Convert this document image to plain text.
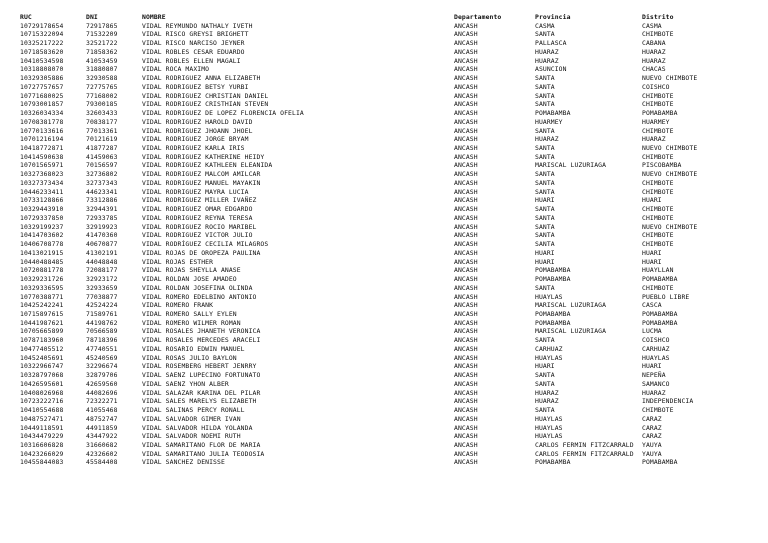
RUC	DNI	NOMBRE	Departamento	Provincia	Distrito
10729178654	72917865	VIDAL REYMUNDO NATHALY IVETH	ANCASH	CASMA	CASMA
10715322094	71532209	VIDAL RISCO GREYSI BRIGHETT	ANCASH	SANTA	CHIMBOTE
10325217222	32521722	VIDAL RISCO NARCISO JEYNER	ANCASH	PALLASCA	CABANA
10718583620	71858362	VIDAL ROBLES CESAR EDUARDO	ANCASH	HUARAZ	HUARAZ
10410534598	41053459	VIDAL ROBLES ELLEN MAGALI	ANCASH	HUARAZ	HUARAZ
10318808070	31880807	VIDAL ROCA MAXIMO	ANCASH	ASUNCION	CHACAS
10329305886	32930588	VIDAL RODRIGUEZ ANNA ELIZABETH	ANCASH	SANTA	NUEVO CHIMBOTE
10727757657	72775765	VIDAL RODRIGUEZ BETSY YURBI	ANCASH	SANTA	COISHCO
10771680025	77168002	VIDAL RODRIGUEZ CHRISTIAN DANIEL	ANCASH	SANTA	CHIMBOTE
10793001857	79300185	VIDAL RODRIGUEZ CRISTHIAN STEVEN	ANCASH	SANTA	CHIMBOTE
10326034334	32603433	VIDAL RODRIGUEZ DE LOPEZ FLORENCIA OFELIA	ANCASH	POMABAMBA	POMABAMBA
10708381778	70838177	VIDAL RODRIGUEZ HAROLD DAVID	ANCASH	HUARMEY	HUARMEY
10770133616	77013361	VIDAL RODRIGUEZ JHOANN JHOEL	ANCASH	SANTA	CHIMBOTE
10701216194	70121619	VIDAL RODRIGUEZ JORGE BRYAM	ANCASH	HUARAZ	HUARAZ
10418772871	41877287	VIDAL RODRIGUEZ KARLA IRIS	ANCASH	SANTA	NUEVO CHIMBOTE
10414590638	41459063	VIDAL RODRIGUEZ KATHERINE HEIDY	ANCASH	SANTA	CHIMBOTE
10701565971	70156597	VIDAL RODRIGUEZ KATHLEEN ELEANIDA	ANCASH	MARISCAL LUZURIAGA	PISCOBAMBA
10327368023	32736802	VIDAL RODRIGUEZ MALCOM AMILCAR	ANCASH	SANTA	NUEVO CHIMBOTE
10327373434	32737343	VIDAL RODRIGUEZ MANUEL MAYAKIN	ANCASH	SANTA	CHIMBOTE
10446233411	44623341	VIDAL RODRIGUEZ MAYRA LUCIA	ANCASH	SANTA	CHIMBOTE
10733128866	73312886	VIDAL RODRIGUEZ MILLER IVAÑEZ	ANCASH	HUARI	HUARI
10329443910	32944391	VIDAL RODRIGUEZ OMAR EDGARDO	ANCASH	SANTA	CHIMBOTE
10729337850	72933785	VIDAL RODRIGUEZ REYNA TERESA	ANCASH	SANTA	CHIMBOTE
10329199237	32919923	VIDAL RODRIGUEZ ROCIO MARIBEL	ANCASH	SANTA	NUEVO CHIMBOTE
10414703602	41470360	VIDAL RODRIGUEZ VICTOR JULIO	ANCASH	SANTA	CHIMBOTE
10406708778	40670877	VIDAL RODRÍGUEZ CECILIA MILAGROS	ANCASH	SANTA	CHIMBOTE
10413021915	41302191	VIDAL ROJAS DE OROPEZA PAULINA	ANCASH	HUARI	HUARI
10440488485	44048848	VIDAL ROJAS ESTHER	ANCASH	HUARI	HUARI
10720881778	72088177	VIDAL ROJAS SHEYLLA ANASE	ANCASH	POMABAMBA	HUAYLLAN
10329231726	32923172	VIDAL ROLDAN JOSE AMADEO	ANCASH	POMABAMBA	POMABAMBA
10329336595	32933659	VIDAL ROLDAN JOSEFINA OLINDA	ANCASH	SANTA	CHIMBOTE
10770388771	77038877	VIDAL ROMERO EDELBINO ANTONIO	ANCASH	HUAYLAS	PUEBLO LIBRE
10425242241	42524224	VIDAL ROMERO FRANK	ANCASH	MARISCAL LUZURIAGA	CASCA
10715897615	71589761	VIDAL ROMERO SALLY EYLEN	ANCASH	POMABAMBA	POMABAMBA
10441987621	44198762	VIDAL ROMERO WILMER ROMAN	ANCASH	POMABAMBA	POMABAMBA
10705665899	70566589	VIDAL ROSALES JHANETH VERONICA	ANCASH	MARISCAL LUZURIAGA	LUCMA
10787183960	78718396	VIDAL ROSALES MERCEDES ARACELI	ANCASH	SANTA	COISHCO
10477405512	47740551	VIDAL ROSARIO EDWIN MANUEL	ANCASH	CARHUAZ	CARHUAZ
10452405691	45240569	VIDAL ROSAS JULIO BAYLON	ANCASH	HUAYLAS	HUAYLAS
10322966747	32296674	VIDAL ROSEMBERG HEBERT JENRRY	ANCASH	HUARI	HUARI
10328797068	32879706	VIDAL SAENZ LUPECINO FORTUNATO	ANCASH	SANTA	NEPEÑA
10426595601	42659560	VIDAL SAENZ YHON ALBER	ANCASH	SANTA	SAMANCO
10408026968	44082696	VIDAL SALAZAR KARINA DEL PILAR	ANCASH	HUARAZ	HUARAZ
10723222716	72322271	VIDAL SALES MARELYS ELIZABETH	ANCASH	HUARAZ	INDEPENDENCIA
10410554688	41055468	VIDAL SALINAS PERCY RONALL	ANCASH	SANTA	CHIMBOTE
10487527471	48752747	VIDAL SALVADOR GIMER IVAN	ANCASH	HUAYLAS	CARAZ
10449118591	44911859	VIDAL SALVADOR HILDA YOLANDA	ANCASH	HUAYLAS	CARAZ
10434479229	43447922	VIDAL SALVADOR NOEMI RUTH	ANCASH	HUAYLAS	CARAZ
10316606828	31660682	VIDAL SAMARITANO FLOR DE MARIA	ANCASH	CARLOS FERMIN FITZCARRALD	YAUYA
10423266029	42326602	VIDAL SAMARITANO JULIA TEODOSIA	ANCASH	CARLOS FERMIN FITZCARRALD	YAUYA
10455844083	45584408	VIDAL SANCHEZ DENISSE	ANCASH	POMABAMBA	POMABAMBA
